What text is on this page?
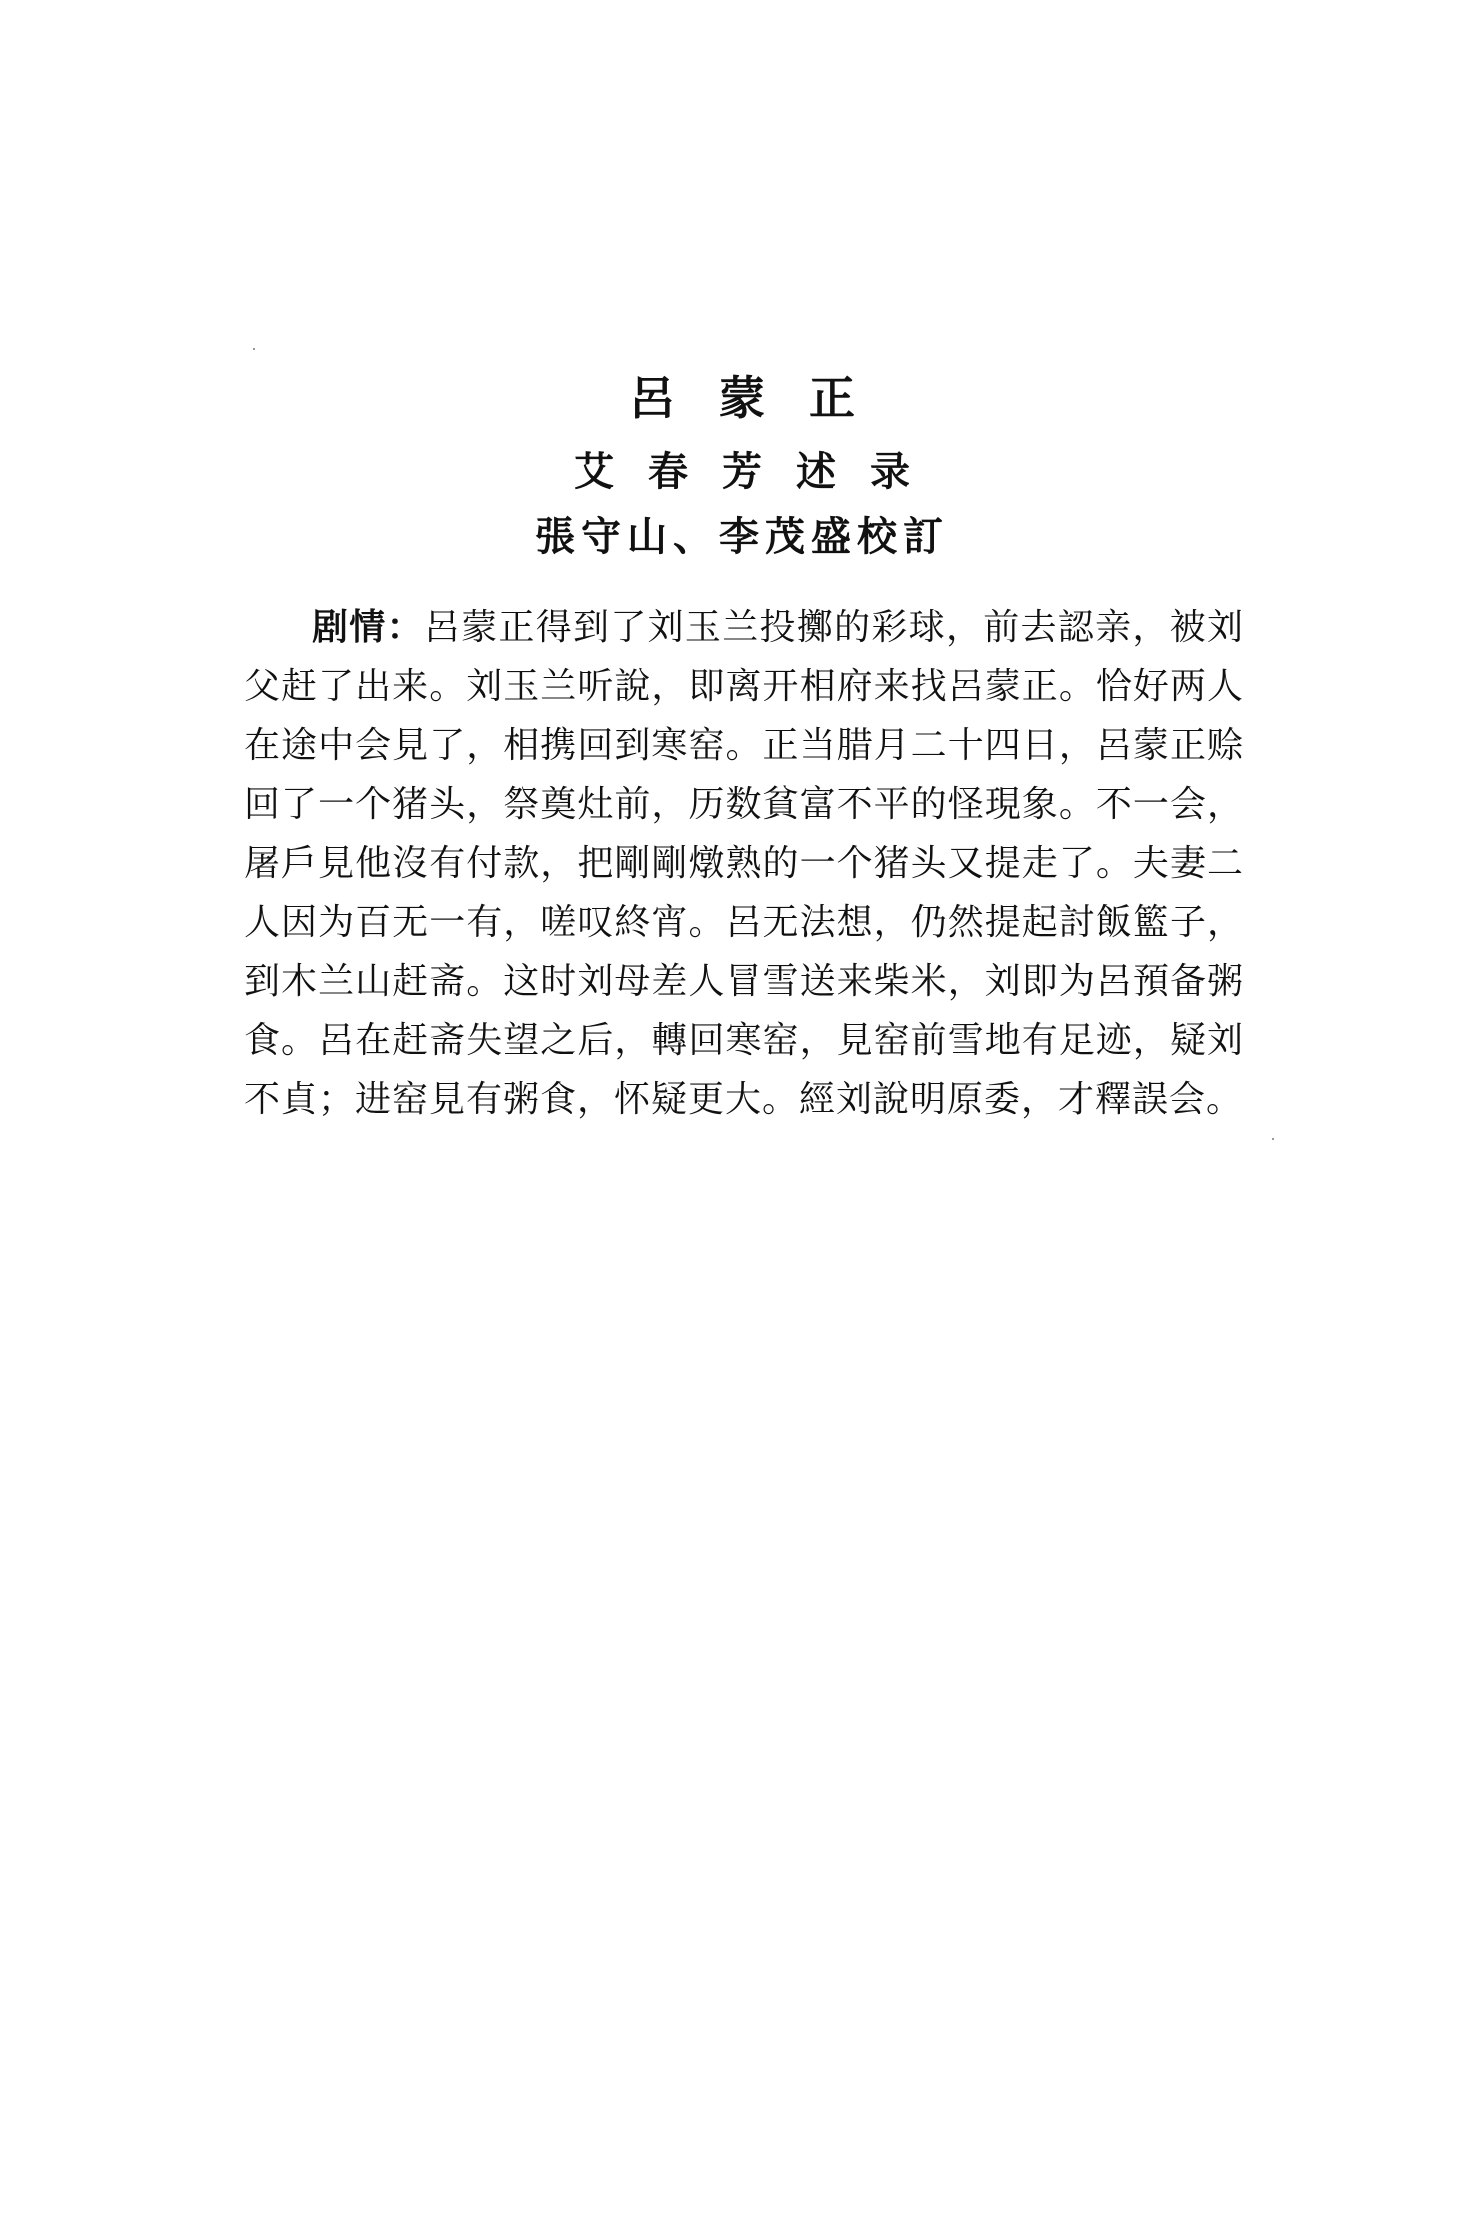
呂蒙正
艾春芳述录
張守山、李茂盛校訂
剧情：呂蒙正得到了刘玉兰投擲的彩球，前去認亲，被刘父赶了出来。刘玉兰听說，即离开相府来找呂蒙正。恰好两人在途中会見了，相携回到寒窑。正当腊月二十四日，呂蒙正赊回了一个猪头，祭奠灶前，历数貧富不平的怪現象。不一会，屠戶見他沒有付款，把剛剛燉熟的一个猪头又提走了。夫妻二人因为百无一有，嗟叹終宵。呂无法想，仍然提起討飯籃子，到木兰山赶斋。这时刘母差人冒雪送来柴米，刘即为呂預备粥食。呂在赶斋失望之后，轉回寒窑，見窑前雪地有足迹，疑刘不貞；进窑見有粥食，怀疑更大。經刘說明原委，才釋誤会。
